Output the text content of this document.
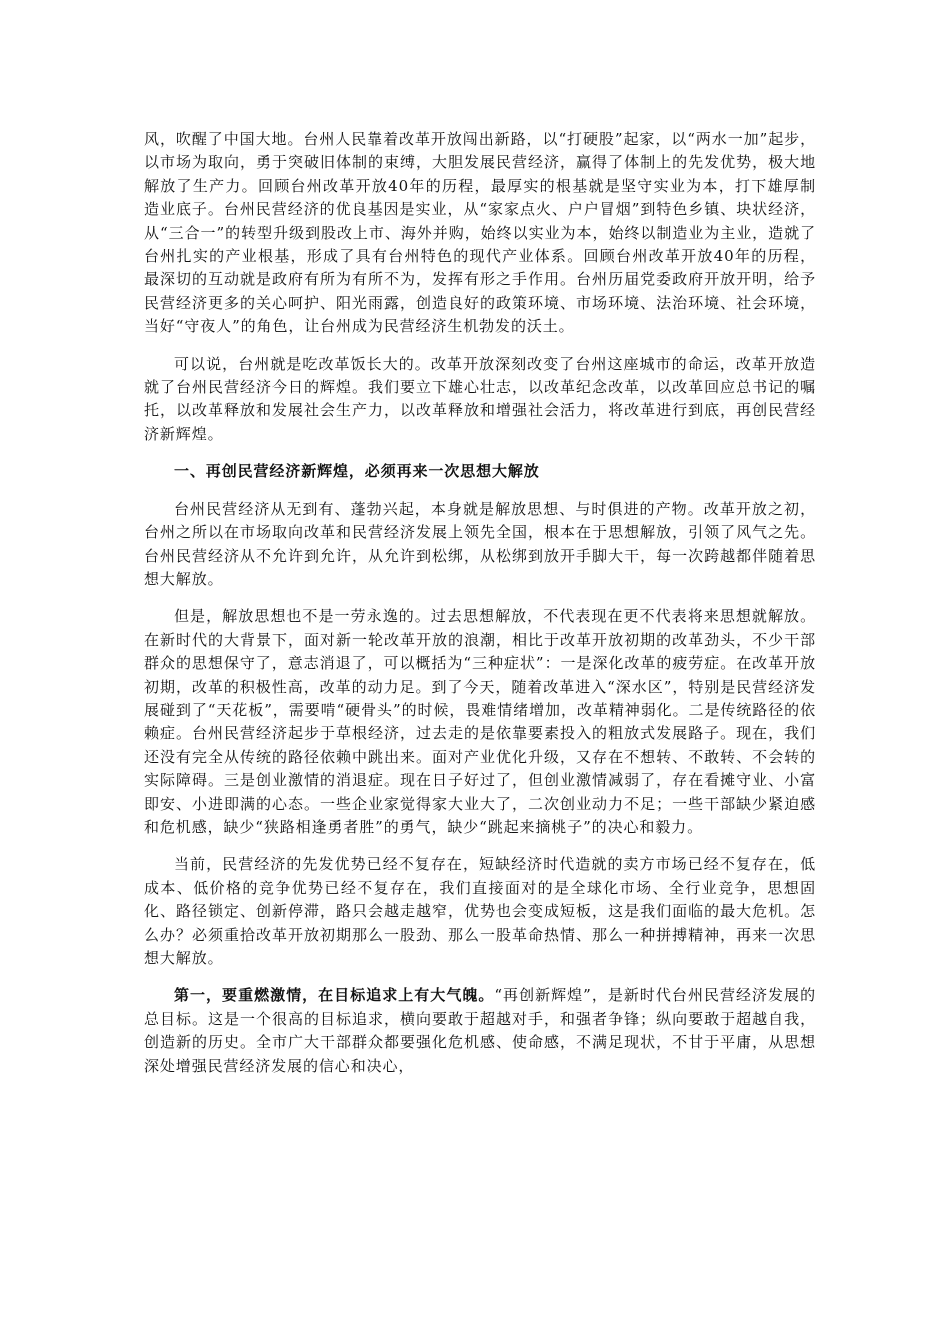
风，吹醒了中国大地。台州人民靠着改革开放闯出新路，以“打硬股”起家，以“两水一加”起步，以市场为取向，勇于突破旧体制的束缚，大胆发展民营经济，赢得了体制上的先发优势，极大地解放了生产力。回顾台州改革开放40年的历程，最厚实的根基就是坚守实业为本，打下雄厚制造业底子。台州民营经济的优良基因是实业，从“家家点火、户户冒烟”到特色乡镇、块状经济，从“三合一”的转型升级到股改上市、海外并购，始终以实业为本，始终以制造业为主业，造就了台州扎实的产业根基，形成了具有台州特色的现代产业体系。回顾台州改革开放40年的历程，最深切的互动就是政府有所为有所不为，发挥有形之手作用。台州历届党委政府开放开明，给予民营经济更多的关心呵护、阳光雨露，创造良好的政策环境、市场环境、法治环境、社会环境，当好“守夜人”的角色，让台州成为民营经济生机勃发的沃土。

可以说，台州就是吃改革饭长大的。改革开放深刻改变了台州这座城市的命运，改革开放造就了台州民营经济今日的辉煌。我们要立下雄心壮志，以改革纪念改革，以改革回应总书记的嘱托，以改革释放和发展社会生产力，以改革释放和增强社会活力，将改革进行到底，再创民营经济新辉煌。

一、再创民营经济新辉煌，必须再来一次思想大解放

台州民营经济从无到有、蓬勃兴起，本身就是解放思想、与时俱进的产物。改革开放之初，台州之所以在市场取向改革和民营经济发展上领先全国，根本在于思想解放，引领了风气之先。台州民营经济从不允许到允许，从允许到松绑，从松绑到放开手脚大干，每一次跨越都伴随着思想大解放。

但是，解放思想也不是一劳永逸的。过去思想解放，不代表现在更不代表将来思想就解放。在新时代的大背景下，面对新一轮改革开放的浪潮，相比于改革开放初期的改革劲头，不少干部群众的思想保守了，意志消退了，可以概括为“三种症状”：一是深化改革的疲劳症。在改革开放初期，改革的积极性高，改革的动力足。到了今天，随着改革进入“深水区”，特别是民营经济发展碰到了“天花板”，需要啃“硬骨头”的时候，畏难情绪增加，改革精神弱化。二是传统路径的依赖症。台州民营经济起步于草根经济，过去走的是依靠要素投入的粗放式发展路子。现在，我们还没有完全从传统的路径依赖中跳出来。面对产业优化升级，又存在不想转、不敢转、不会转的实际障碍。三是创业激情的消退症。现在日子好过了，但创业激情减弱了，存在看摊守业、小富即安、小进即满的心态。一些企业家觉得家大业大了，二次创业动力不足；一些干部缺少紧迫感和危机感，缺少“狭路相逢勇者胜”的勇气，缺少“跳起来摘桃子”的决心和毅力。

当前，民营经济的先发优势已经不复存在，短缺经济时代造就的卖方市场已经不复存在，低成本、低价格的竞争优势已经不复存在，我们直接面对的是全球化市场、全行业竞争，思想固化、路径锁定、创新停滞，路只会越走越窄，优势也会变成短板，这是我们面临的最大危机。怎么办？必须重拾改革开放初期那么一股劲、那么一股革命热情、那么一种拼搏精神，再来一次思想大解放。

第一，要重燃激情，在目标追求上有大气魄。“再创新辉煌”，是新时代台州民营经济发展的总目标。这是一个很高的目标追求，横向要敢于超越对手，和强者争锋；纵向要敢于超越自我，创造新的历史。全市广大干部群众都要强化危机感、使命感，不满足现状，不甘于平庸，从思想深处增强民营经济发展的信心和决心，
